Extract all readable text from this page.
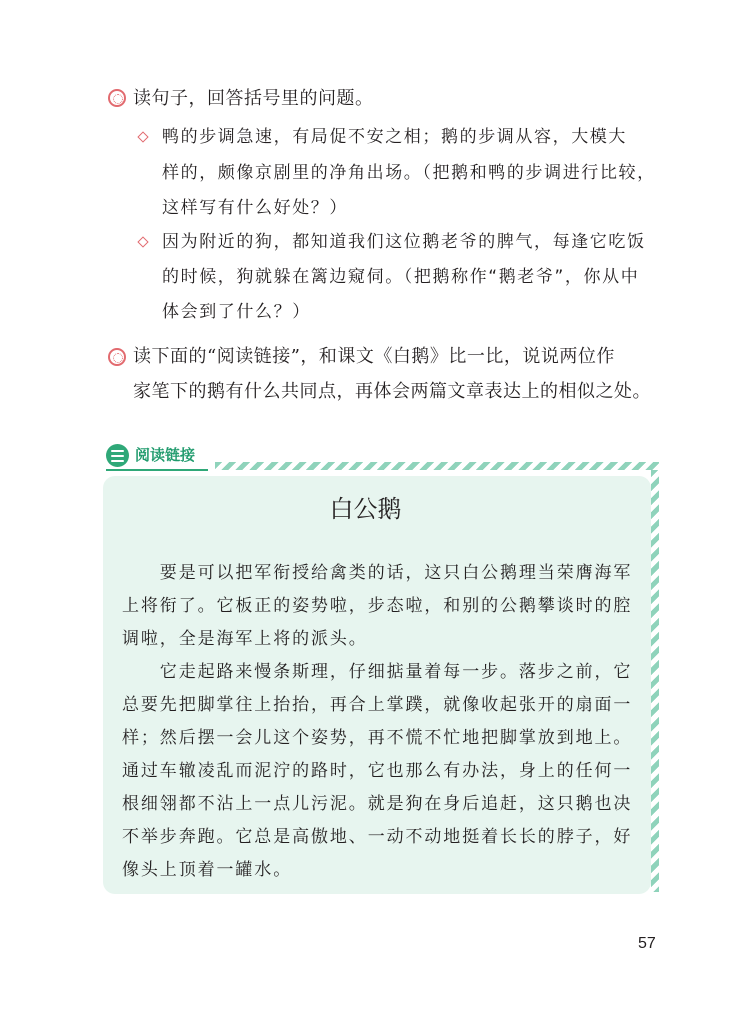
读句子，回答括号里的问题。
鸭的步调急速，有局促不安之相；鹅的步调从容，大模大
样的，颇像京剧里的净角出场。（把鹅和鸭的步调进行比较，
这样写有什么好处？）
因为附近的狗，都知道我们这位鹅老爷的脾气，每逢它吃饭
的时候，狗就躲在篱边窥伺。（把鹅称作“鹅老爷”，你从中
体会到了什么？）
读下面的“阅读链接”，和课文《白鹅》比一比，说说两位作
家笔下的鹅有什么共同点，再体会两篇文章表达上的相似之处。
阅读链接
白公鹅
　　要是可以把军衔授给禽类的话，这只白公鹅理当荣膺海军
上将衔了。它板正的姿势啦，步态啦，和别的公鹅攀谈时的腔
调啦，全是海军上将的派头。
　　它走起路来慢条斯理，仔细掂量着每一步。落步之前，它
总要先把脚掌往上抬抬，再合上掌蹼，就像收起张开的扇面一
样；然后摆一会儿这个姿势，再不慌不忙地把脚掌放到地上。
通过车辙凌乱而泥泞的路时，它也那么有办法，身上的任何一
根细翎都不沾上一点儿污泥。就是狗在身后追赶，这只鹅也决
不举步奔跑。它总是高傲地、一动不动地挺着长长的脖子，好
像头上顶着一罐水。
57
